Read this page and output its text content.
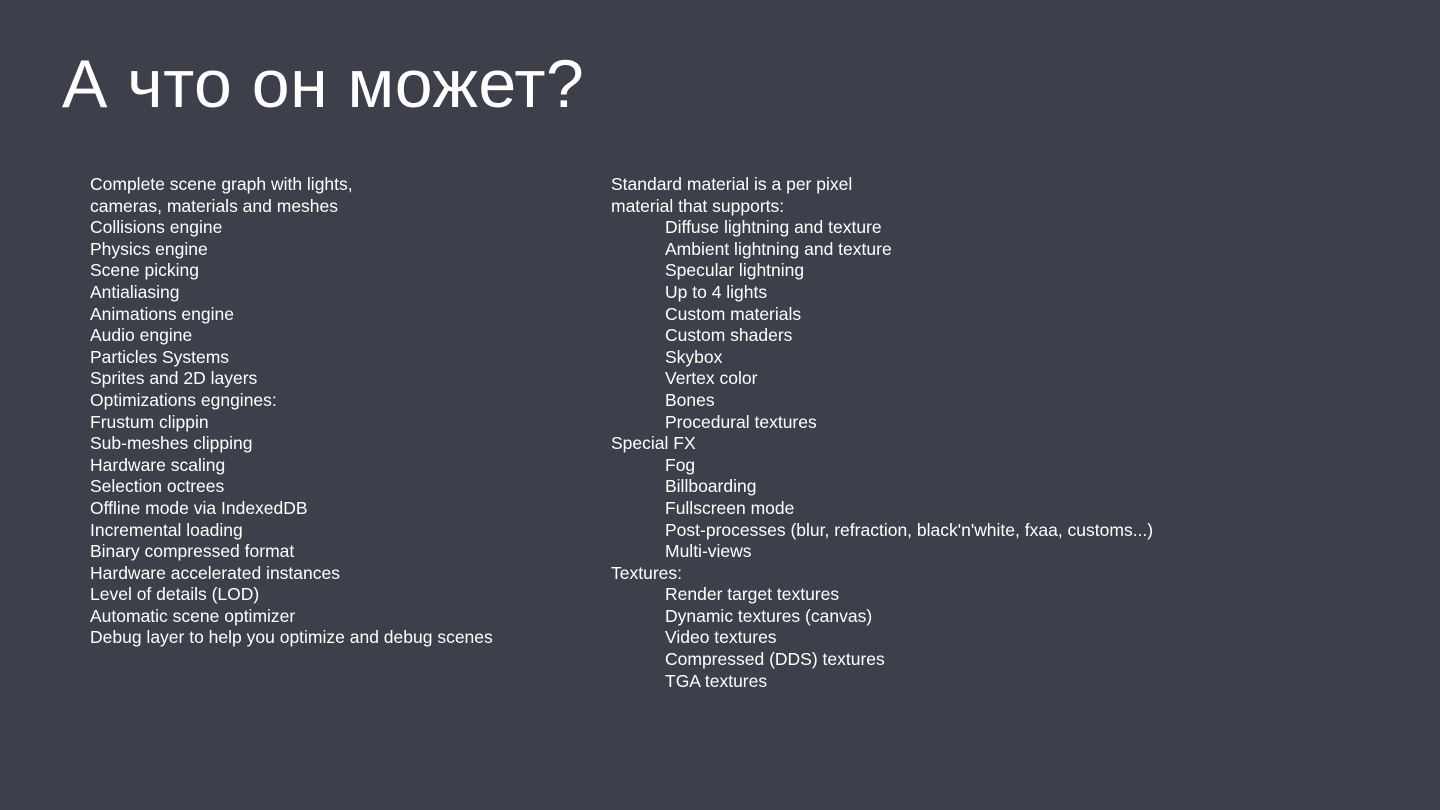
А что он может?
Complete scene graph with lights,
cameras, materials and meshes
Collisions engine
Physics engine
Scene picking
Antialiasing
Animations engine
Audio engine
Particles Systems
Sprites and 2D layers
Optimizations egngines:
Frustum clippin
Sub-meshes clipping
Hardware scaling
Selection octrees
Offline mode via IndexedDB
Incremental loading
Binary compressed format
Hardware accelerated instances
Level of details (LOD)
Automatic scene optimizer
Debug layer to help you optimize and debug scenes
Standard material is a per pixel
material that supports:
Diffuse lightning and texture
Ambient lightning and texture
Specular lightning
Up to 4 lights
Custom materials
Custom shaders
Skybox
Vertex color
Bones
Procedural textures
Special FX
Fog
Billboarding
Fullscreen mode
Post-processes (blur, refraction, black'n'white, fxaa, customs...)
Multi-views
Textures:
Render target textures
Dynamic textures (canvas)
Video textures
Compressed (DDS) textures
TGA textures
